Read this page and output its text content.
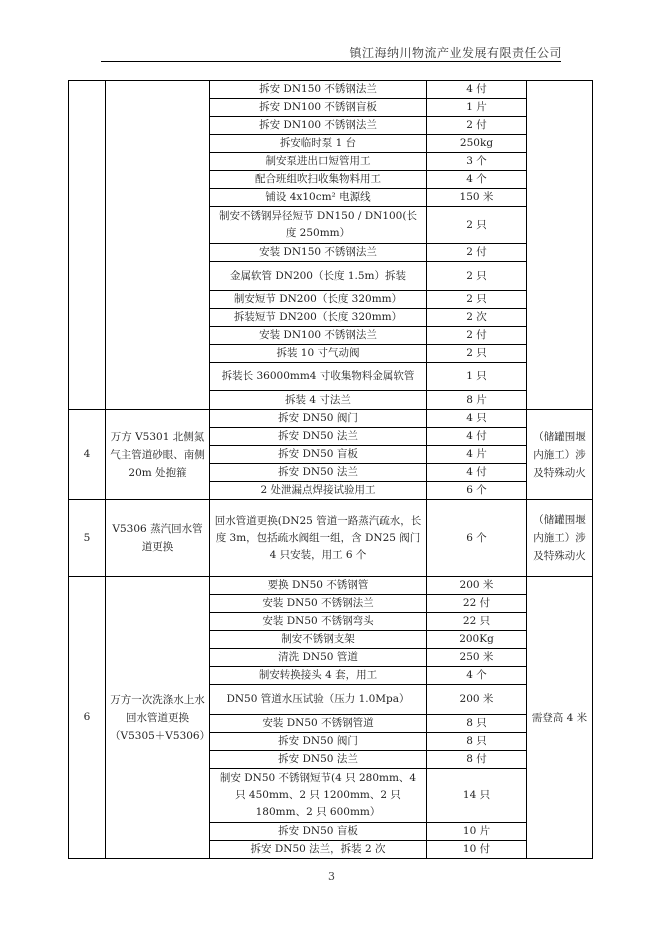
镇江海纳川物流产业发展有限责任公司
		拆安 DN150 不锈钢法兰	4 付	
		拆安 DN100 不锈钢盲板	1 片	
		拆安 DN100 不锈钢法兰	2 付	
		拆安临时泵 1 台	250kg	
		制安泵进出口短管用工	3 个	
		配合班组吹扫收集物料用工	4 个	
		铺设 4x10cm² 电源线	150 米	
		制安不锈钢异径短节 DN150 / DN100(长度 250mm）	2 只	
		安装 DN150 不锈钢法兰	2 付	
		金属软管 DN200（长度 1.5m）拆装	2 只	
		制安短节 DN200（长度 320mm）	2 只	
		拆装短节 DN200（长度 320mm）	2 次	
		安装 DN100 不锈钢法兰	2 付	
		拆装 10 寸气动阀	2 只	
		拆装长 36000mm4 寸收集物料金属软管	1 只	
		拆装 4 寸法兰	8 片	
4	万方 V5301 北侧氮气主管道砂眼、南侧 20m 处抱箍	拆安 DN50 阀门	4 只	（储罐围堰内施工）涉及特殊动火
		拆安 DN50 法兰	4 付	
		拆安 DN50 盲板	4 片	
		拆安 DN50 法兰	4 付	
		2 处泄漏点焊接试验用工	6 个	
5	V5306 蒸汽回水管道更换	回水管道更换(DN25 管道一路蒸汽疏水，长度 3m，包括疏水阀组一组，含 DN25 阀门 4 只安装，用工 6 个	6 个	（储罐围堰内施工）涉及特殊动火
6	万方一次洗涤水上水回水管道更换（V5305＋V5306）	要换 DN50 不锈钢管	200 米	需登高 4 米
		安装 DN50 不锈钢法兰	22 付	
		安装 DN50 不锈钢弯头	22 只	
		制安不锈钢支架	200Kg	
		清洗 DN50 管道	250 米	
		制安转换接头 4 套，用工	4 个	
		DN50 管道水压试验（压力 1.0Mpa）	200 米	
		安装 DN50 不锈钢管道	8 只	
		拆安 DN50 阀门	8 只	
		拆安 DN50 法兰	8 付	
		制安 DN50 不锈钢短节(4 只 280mm、4 只 450mm、2 只 1200mm、2 只 180mm、2 只 600mm）	14 只	
		拆安 DN50 盲板	10 片	
		拆安 DN50 法兰，拆装 2 次	10 付	
3
